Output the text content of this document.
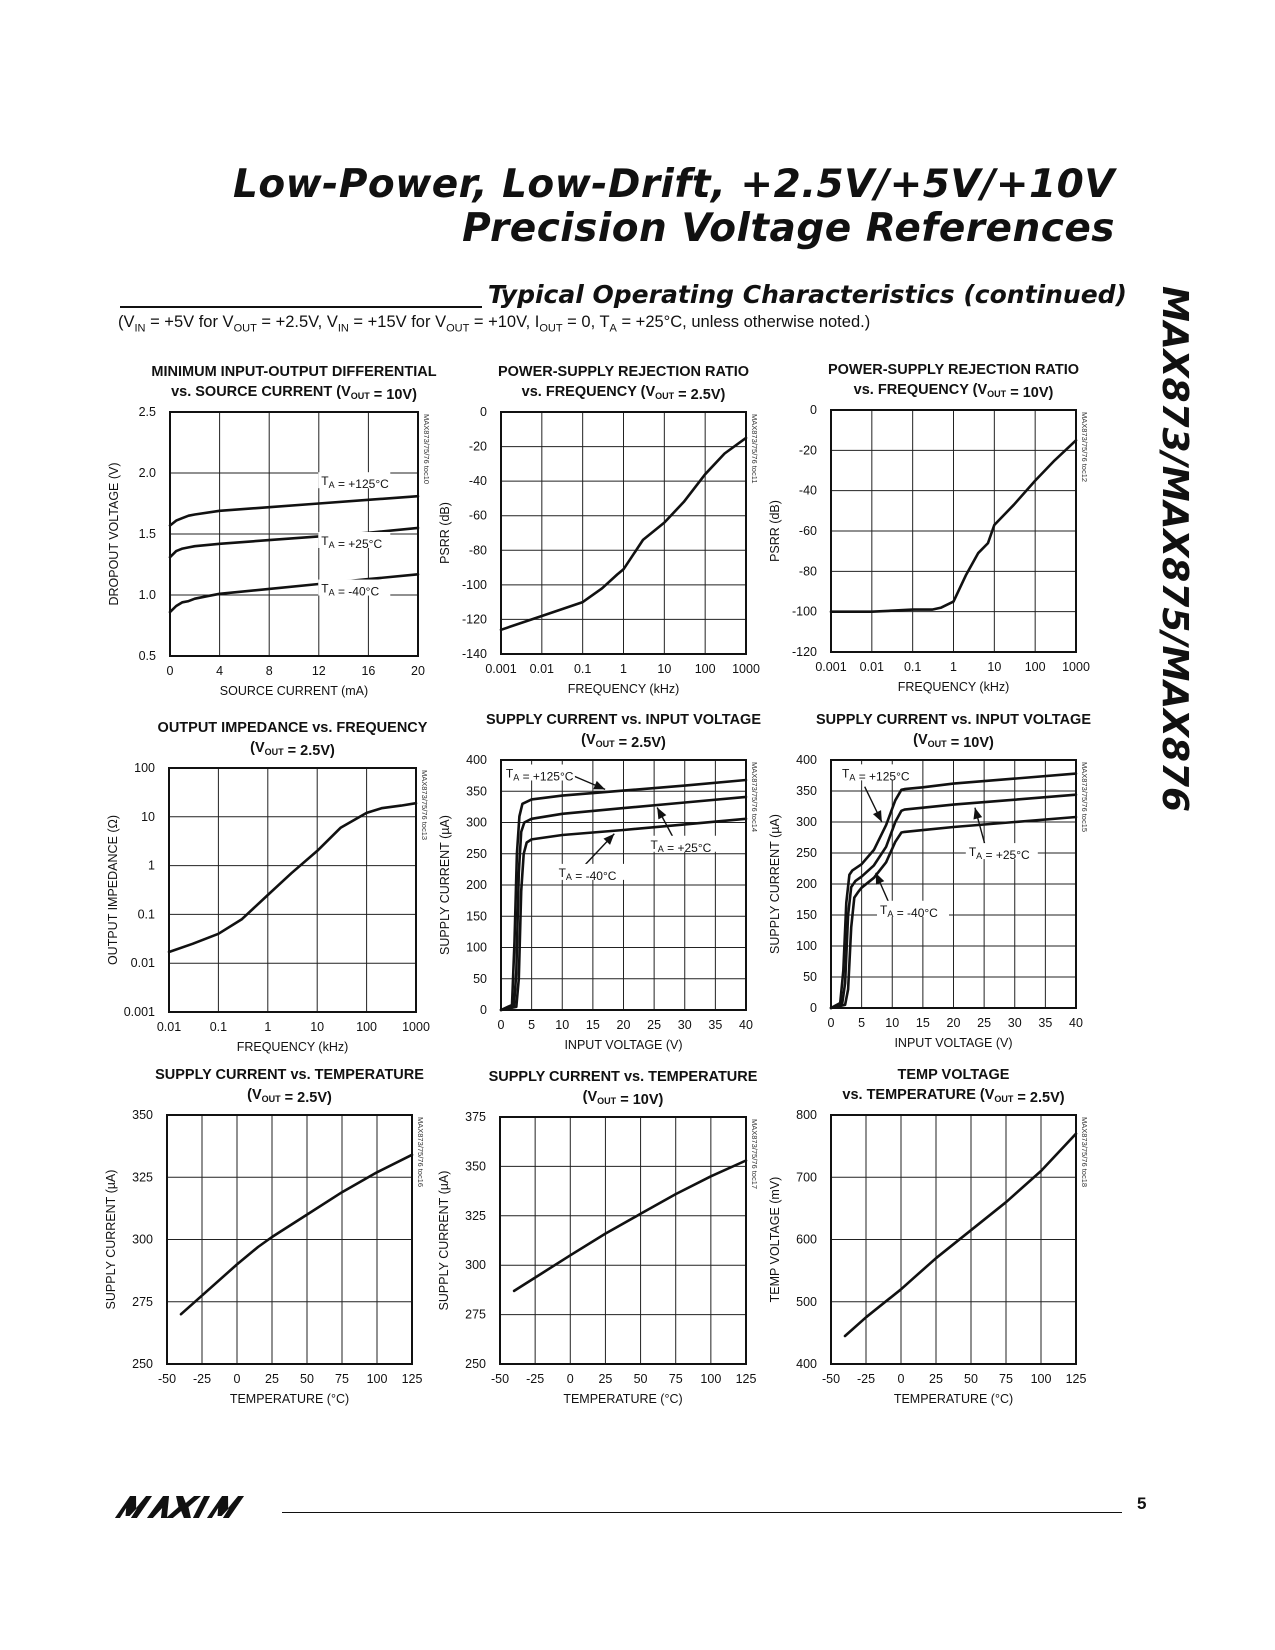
Low-Power, Low-Drift, +2.5V/+5V/+10V
Precision Voltage References
Typical Operating Characteristics (continued)
($V_{IN} = +5V$ for $V_{OUT} = +2.5V$, $V_{IN} = +15V$ for $V_{OUT} = +10V$, $I_{OUT} = 0$, $T_A = +25^\circ C$, unless otherwise noted.)	MAX873/MAX875/MAX876
MINIMUM INPUT-OUTPUT DIFFERENTIAL
vs. SOURCE CURRENT $(V_{OUT} = 10V)$
0	4	8	12	16	20
0.5
1.0
1.5
2.0
2.5
SOURCE CURRENT (mA)
DROPOUT VOLTAGE (V)
MAX873/75/76 toc10
$T_A = +125^\circ C$
$T_A = +25^\circ C$
$T_A = -40^\circ C$
POWER-SUPPLY REJECTION RATIO
vs. FREQUENCY $(V_{OUT} = 2.5V)$
0.001 0.01 0.1 1 10 100 1000
-140
-120
-100
-80
-60
-40
-20
0
FREQUENCY (kHz)
PSRR (dB)
MAX873/75/76 toc11
POWER-SUPPLY REJECTION RATIO
vs. FREQUENCY $(V_{OUT} = 10V)$
0.001 0.01 0.1 1 10 100 1000
-120
-100
-80
-60
-40
-20
0
FREQUENCY (kHz)
PSRR (dB)
MAX873/75/76 toc12
OUTPUT IMPEDANCE vs. FREQUENCY
$(V_{OUT} = 2.5V)$
0.01 0.1	1	10	100 1000
0.001
0.01
0.1
1
10
100
FREQUENCY (kHz)
OUTPUT IMPEDANCE (Ω)
MAX873/75/76 toc13
SUPPLY CURRENT vs. INPUT VOLTAGE
$(V_{OUT} = 2.5V)$
0 5 10 15 20 25 30 35 40
0
50
100
150
200
250
300
350
400
INPUT VOLTAGE (V)
SUPPLY CURRENT (µA)
MAX873/75/76 toc14
$T_A = +125^\circ C$
$T_A = +25^\circ C$
$T_A = -40^\circ C$
SUPPLY CURRENT vs. INPUT VOLTAGE
$(V_{OUT} = 10V)$
0 5 10 15 20 25 30 35 40
0
50
100
150
200
250
300
350
400
INPUT VOLTAGE (V)
SUPPLY CURRENT (µA)
MAX873/75/76 toc15
$T_A = +125^\circ C$
$T_A = +25^\circ C$
$T_A = -40^\circ C$
SUPPLY CURRENT vs. TEMPERATURE
$(V_{OUT} = 2.5V)$
-50 -25 0 25 50 75 100 125
250
275
300
325
350
TEMPERATURE (°C)
SUPPLY CURRENT (µA)
MAX873/75/76 toc16
SUPPLY CURRENT vs. TEMPERATURE
$(V_{OUT} = 10V)$
-50 -25 0 25 50 75 100 125
250
275
300
325
350
375
TEMPERATURE (°C)
SUPPLY CURRENT (µA)
MAX873/75/76 toc17
TEMP VOLTAGE
vs. TEMPERATURE $(V_{OUT} = 2.5V)$
-50 -25 0 25 50 75 100 125
400
500
600
700
800
TEMPERATURE (°C)
TEMP VOLTAGE (mV)
MAX873/75/76 toc18
MAXIM
5
